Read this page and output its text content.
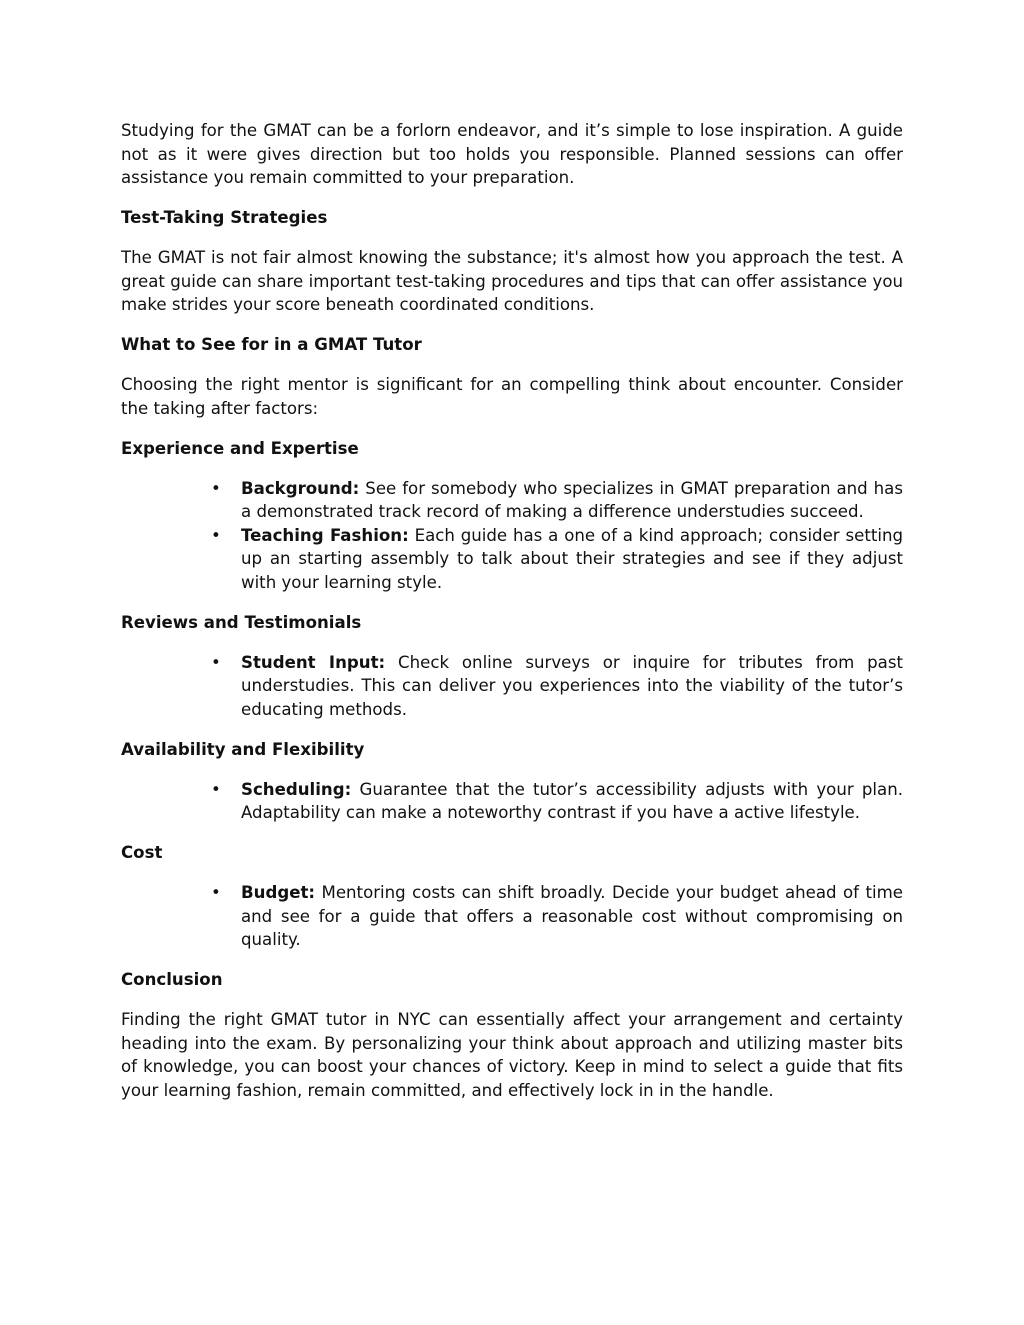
Studying for the GMAT can be a forlorn endeavor, and it’s simple to lose inspiration. A guide not as it were gives direction but too holds you responsible. Planned sessions can offer assistance you remain committed to your preparation.

Test-Taking Strategies

The GMAT is not fair almost knowing the substance; it's almost how you approach the test. A great guide can share important test-taking procedures and tips that can offer assistance you make strides your score beneath coordinated conditions.

What to See for in a GMAT Tutor

Choosing the right mentor is significant for an compelling think about encounter. Consider the taking after factors:

Experience and Expertise
• Background: See for somebody who specializes in GMAT preparation and has a demonstrated track record of making a difference understudies succeed.
• Teaching Fashion: Each guide has a one of a kind approach; consider setting up an starting assembly to talk about their strategies and see if they adjust with your learning style.
Reviews and Testimonials
• Student Input: Check online surveys or inquire for tributes from past understudies. This can deliver you experiences into the viability of the tutor’s educating methods.
Availability and Flexibility
• Scheduling: Guarantee that the tutor’s accessibility adjusts with your plan. Adaptability can make a noteworthy contrast if you have a active lifestyle.
Cost
• Budget: Mentoring costs can shift broadly. Decide your budget ahead of time and see for a guide that offers a reasonable cost without compromising on quality.
Conclusion

Finding the right GMAT tutor in NYC can essentially affect your arrangement and certainty heading into the exam. By personalizing your think about approach and utilizing master bits of knowledge, you can boost your chances of victory. Keep in mind to select a guide that fits your learning fashion, remain committed, and effectively lock in in the handle.
